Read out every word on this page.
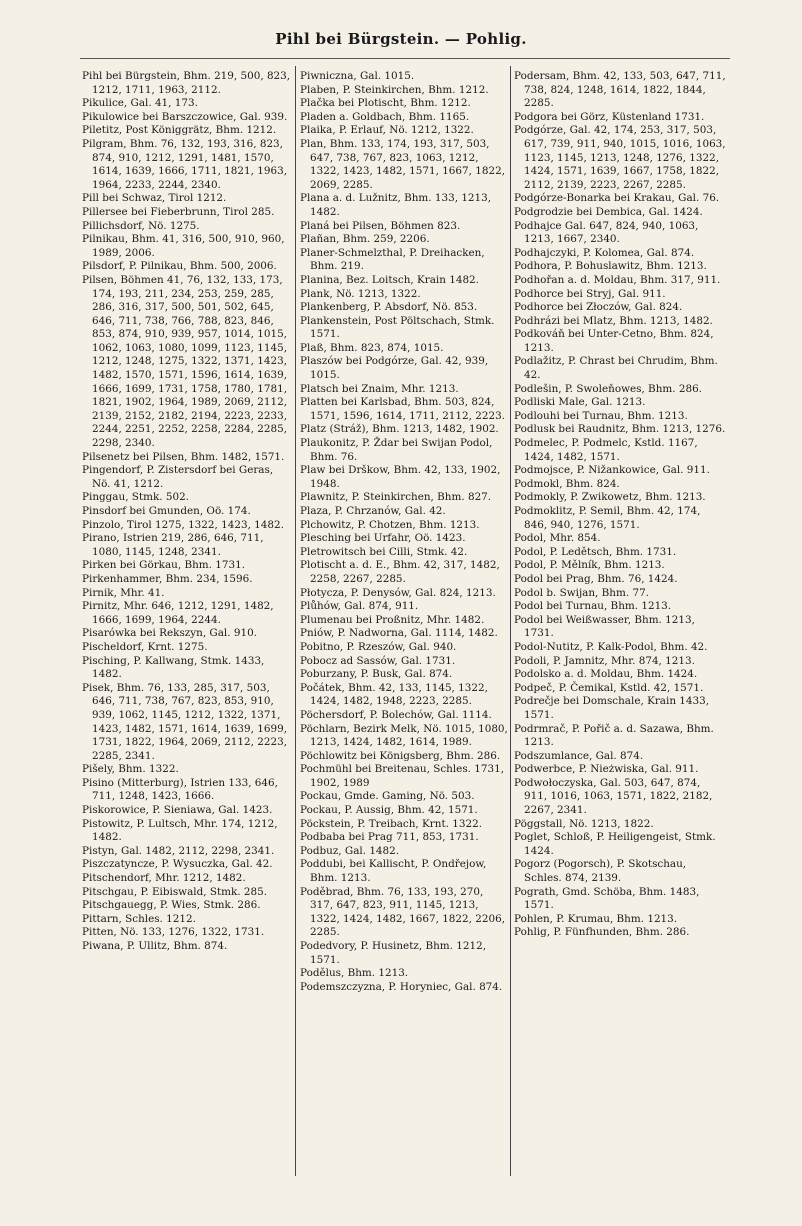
Pihl bei Bürgstein. — Pohlig.
Pihl bei Bürgstein, Bhm. 219, 500, 823, 1212, 1711, 1963, 2112.
Pikulice, Gal. 41, 173.
Pikulowice bei Barszczowice, Gal. 939.
Piletitz, Post Königgrätz, Bhm. 1212.
Pilgram, Bhm. 76, 132, 193, 316, 823, 874, 910, 1212, 1291, 1481, 1570, 1614, 1639, 1666, 1711, 1821, 1963, 1964, 2233, 2244, 2340.
Pill bei Schwaz, Tirol 1212.
Pillersee bei Fieberbrunn, Tirol 285.
Pillichsdorf, Nö. 1275.
Pilnikau, Bhm. 41, 316, 500, 910, 960, 1989, 2006.
Pilsdorf, P. Pilnikau, Bhm. 500, 2006.
Pilsen, Böhmen 41, 76, 132, 133, 173, 174, 193, 211, 234, 253, 259, 285, 286, 316, 317, 500, 501, 502, 645, 646, 711, 738, 766, 788, 823, 846, 853, 874, 910, 939, 957, 1014, 1015, 1062, 1063, 1080, 1099, 1123, 1145, 1212, 1248, 1275, 1322, 1371, 1423, 1482, 1570, 1571, 1596, 1614, 1639, 1666, 1699, 1731, 1758, 1780, 1781, 1821, 1902, 1964, 1989, 2069, 2112, 2139, 2152, 2182, 2194, 2223, 2233, 2244, 2251, 2252, 2258, 2284, 2285, 2298, 2340.
Pilsenetz bei Pilsen, Bhm. 1482, 1571.
Pingendorf, P. Zistersdorf bei Geras, Nö. 41, 1212.
Pinggau, Stmk. 502.
Pinsdorf bei Gmunden, Oö. 174.
Pinzolo, Tirol 1275, 1322, 1423, 1482.
Pirano, Istrien 219, 286, 646, 711, 1080, 1145, 1248, 2341.
Pirken bei Görkau, Bhm. 1731.
Pirkenhammer, Bhm. 234, 1596.
Pirnik, Mhr. 41.
Pirnitz, Mhr. 646, 1212, 1291, 1482, 1666, 1699, 1964, 2244.
Pisarówka bei Rekszyn, Gal. 910.
Pischeldorf, Krnt. 1275.
Pisching, P. Kallwang, Stmk. 1433, 1482.
Pisek, Bhm. 76, 133, 285, 317, 503, 646, 711, 738, 767, 823, 853, 910, 939, 1062, 1145, 1212, 1322, 1371, 1423, 1482, 1571, 1614, 1639, 1699, 1731, 1822, 1964, 2069, 2112, 2223, 2285, 2341.
Pišely, Bhm. 1322.
Pisino (Mitterburg), Istrien 133, 646, 711, 1248, 1423, 1666.
Piskorowice, P. Sieniawa, Gal. 1423.
Pistowitz, P. Lultsch, Mhr. 174, 1212, 1482.
Pistyn, Gal. 1482, 2112, 2298, 2341.
Piszczatyncze, P. Wysuczka, Gal. 42.
Pitschendorf, Mhr. 1212, 1482.
Pitschgau, P. Eibiswald, Stmk. 285.
Pitschgauegg, P. Wies, Stmk. 286.
Pittarn, Schles. 1212.
Pitten, Nö. 133, 1276, 1322, 1731.
Piwana, P. Ullitz, Bhm. 874.
Piwniczna, Gal. 1015.
Plaben, P. Steinkirchen, Bhm. 1212.
Plačka bei Plotischt, Bhm. 1212.
Pladen a. Goldbach, Bhm. 1165.
Plaika, P. Erlauf, Nö. 1212, 1322.
Plan, Bhm. 133, 174, 193, 317, 503, 647, 738, 767, 823, 1063, 1212, 1322, 1423, 1482, 1571, 1667, 1822, 2069, 2285.
Plana a. d. Lužnitz, Bhm. 133, 1213, 1482.
Planá bei Pilsen, Böhmen 823.
Plañan, Bhm. 259, 2206.
Planer-Schmelzthal, P. Dreihacken, Bhm. 219.
Planina, Bez. Loitsch, Krain 1482.
Plank, Nö. 1213, 1322.
Plankenberg, P. Absdorf, Nö. 853.
Plankenstein, Post Pöltschach, Stmk. 1571.
Plaß, Bhm. 823, 874, 1015.
Plaszów bei Podgórze, Gal. 42, 939, 1015.
Platsch bei Znaim, Mhr. 1213.
Platten bei Karlsbad, Bhm. 503, 824, 1571, 1596, 1614, 1711, 2112, 2223.
Platz (Stráž), Bhm. 1213, 1482, 1902.
Plaukonitz, P. Ždar bei Swijan Podol, Bhm. 76.
Plaw bei Drškow, Bhm. 42, 133, 1902, 1948.
Plawnitz, P. Steinkirchen, Bhm. 827.
Plaza, P. Chrzanów, Gal. 42.
Plchowitz, P. Chotzen, Bhm. 1213.
Plesching bei Urfahr, Oö. 1423.
Pletrowitsch bei Cilli, Stmk. 42.
Plotischt a. d. E., Bhm. 42, 317, 1482, 2258, 2267, 2285.
Płotycza, P. Denysów, Gal. 824, 1213.
Plůhów, Gal. 874, 911.
Plumenau bei Proßnitz, Mhr. 1482.
Pniów, P. Nadworna, Gal. 1114, 1482.
Pobitno, P. Rzeszów, Gal. 940.
Pobocz ad Sassów, Gal. 1731.
Poburzany, P. Busk, Gal. 874.
Počátek, Bhm. 42, 133, 1145, 1322, 1424, 1482, 1948, 2223, 2285.
Pöchersdorf, P. Bolechów, Gal. 1114.
Pöchlarn, Bezirk Melk, Nö. 1015, 1080, 1213, 1424, 1482, 1614, 1989.
Pöchlowitz bei Königsberg, Bhm. 286.
Pochmühl bei Breitenau, Schles. 1731, 1902, 1989
Pockau, Gmde. Gaming, Nö. 503.
Pockau, P. Aussig, Bhm. 42, 1571.
Pöckstein, P. Treibach, Krnt. 1322.
Podbaba bei Prag 711, 853, 1731.
Podbuz, Gal. 1482.
Poddubi, bei Kallischt, P. Ondřejow, Bhm. 1213.
Poděbrad, Bhm. 76, 133, 193, 270, 317, 647, 823, 911, 1145, 1213, 1322, 1424, 1482, 1667, 1822, 2206, 2285.
Podedvory, P. Husinetz, Bhm. 1212, 1571.
Podělus, Bhm. 1213.
Podemszczyzna, P. Horyniec, Gal. 874.
Podersam, Bhm. 42, 133, 503, 647, 711, 738, 824, 1248, 1614, 1822, 1844, 2285.
Podgora bei Görz, Küstenland 1731.
Podgórze, Gal. 42, 174, 253, 317, 503, 617, 739, 911, 940, 1015, 1016, 1063, 1123, 1145, 1213, 1248, 1276, 1322, 1424, 1571, 1639, 1667, 1758, 1822, 2112, 2139, 2223, 2267, 2285.
Podgórze-Bonarka bei Krakau, Gal. 76.
Podgrodzie bei Dembica, Gal. 1424.
Podhajce Gal. 647, 824, 940, 1063, 1213, 1667, 2340.
Podhajczyki, P. Kolomea, Gal. 874.
Podhora, P. Bohuslawitz, Bhm. 1213.
Podhořan a. d. Moldau, Bhm. 317, 911.
Podhorce bei Stryj, Gal. 911.
Podhorce bei Złoczów, Gal. 824.
Podhrázi bei Mlatz, Bhm. 1213, 1482.
Podkováň bei Unter-Cetno, Bhm. 824, 1213.
Podlažitz, P. Chrast bei Chrudim, Bhm. 42.
Podlešin, P. Swoleňowes, Bhm. 286.
Podliski Male, Gal. 1213.
Podlouhi bei Turnau, Bhm. 1213.
Podlusk bei Raudnitz, Bhm. 1213, 1276.
Podmelec, P. Podmelc, Kstld. 1167, 1424, 1482, 1571.
Podmojsce, P. Nižankowice, Gal. 911.
Podmokl, Bhm. 824.
Podmokly, P. Zwikowetz, Bhm. 1213.
Podmoklitz, P. Semil, Bhm. 42, 174, 846, 940, 1276, 1571.
Podol, Mhr. 854.
Podol, P. Ledětsch, Bhm. 1731.
Podol, P. Mělník, Bhm. 1213.
Podol bei Prag, Bhm. 76, 1424.
Podol b. Swijan, Bhm. 77.
Podol bei Turnau, Bhm. 1213.
Podol bei Weißwasser, Bhm. 1213, 1731.
Podol-Nutitz, P. Kalk-Podol, Bhm. 42.
Podoli, P. Jamnitz, Mhr. 874, 1213.
Podolsko a. d. Moldau, Bhm. 1424.
Podpeč, P. Čemikal, Kstld. 42, 1571.
Podrečje bei Domschale, Krain 1433, 1571.
Podrmrač, P. Pořič a. d. Sazawa, Bhm. 1213.
Podszumlance, Gal. 874.
Podwerbce, P. Nieżwiska, Gal. 911.
Podwołoczyska, Gal. 503, 647, 874, 911, 1016, 1063, 1571, 1822, 2182, 2267, 2341.
Pöggstall, Nö. 1213, 1822.
Poglet, Schloß, P. Heiligengeist, Stmk. 1424.
Pogorz (Pogorsch), P. Skotschau, Schles. 874, 2139.
Pograth, Gmd. Schöba, Bhm. 1483, 1571.
Pohlen, P. Krumau, Bhm. 1213.
Pohlig, P. Fünfhunden, Bhm. 286.
